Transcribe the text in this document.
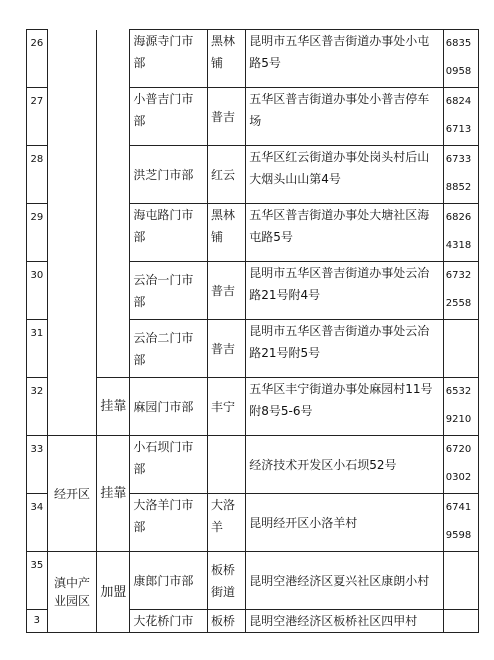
26			海源寺门市部	黑林铺	昆明市五华区普吉街道办事处小屯路5号	68350958
27			小普吉门市部	普吉	五华区普吉街道办事处小普吉停车场	68246713
28			洪芝门市部	红云	五华区红云街道办事处岗头村后山大烟头山山第4号	67338852
29			海屯路门市部	黑林铺	五华区普吉街道办事处大塘社区海屯路5号	68264318
30			云冶一门市部	普吉	昆明市五华区普吉街道办事处云冶路21号附4号	67322558
31			云冶二门市部	普吉	昆明市五华区普吉街道办事处云冶路21号附5号	
32		挂靠	麻园门市部	丰宁	五华区丰宁街道办事处麻园村11号附8号5-6号	65329210
33	经开区	挂靠	小石坝门市部		经济技术开发区小石坝52号	67200302
34			大洛羊门市部	大洛羊	昆明经开区小洛羊村	67419598
35	滇中产业园区	加盟	康郎门市部	板桥街道	昆明空港经济区夏兴社区康朗小村	
3			大花桥门市	板桥	昆明空港经济区板桥社区四甲村	
